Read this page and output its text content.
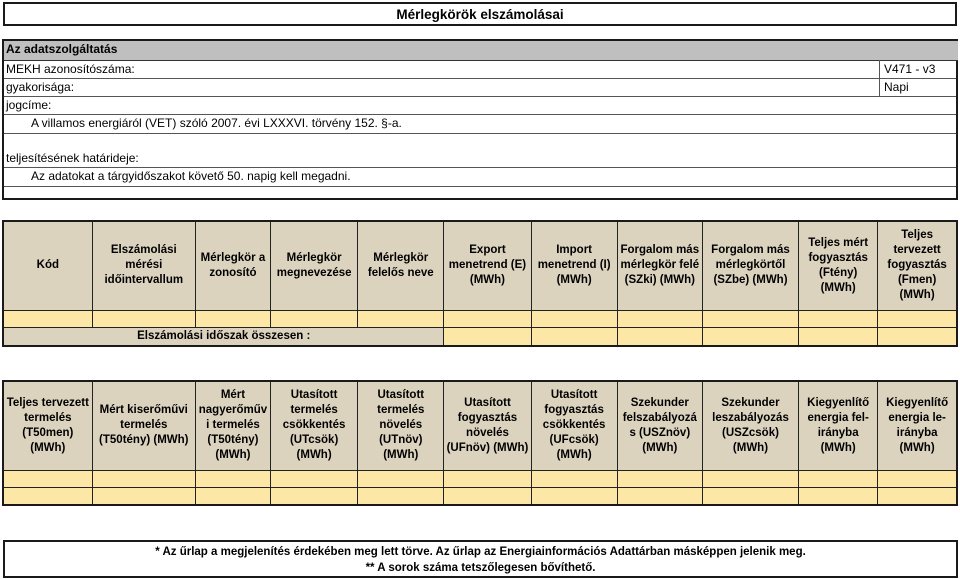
Mérlegkörök elszámolásai
Az adatszolgáltatás
MEKH azonosítószáma:	V471 - v3
gyakorisága:	Napi
jogcíme:
A villamos energiáról (VET) szóló 2007. évi LXXXVI. törvény 152. §-a.
teljesítésének határideje:
Az adatokat a tárgyidőszakot követő 50. napig kell megadni.
Kód	Elszámolási mérési időintervallum	Mérlegkör a zonosító	Mérlegkör megnevezése	Mérlegkör felelős neve	Export menetrend (E) (MWh)	Import menetrend (I) (MWh)	Forgalom más mérlegkör felé (SZki) (MWh)	Forgalom más mérlegkörtől (SZbe) (MWh)	Teljes mért fogyasztás (Ftény) (MWh)	Teljes tervezett fogyasztás (Fmen) (MWh)

Elszámolási időszak összesen :										
Teljes tervezett termelés (T50men) (MWh)	Mért kiserőművi termelés (T50tény) (MWh)	Mért nagyerőműv i termelés (T50tény) (MWh)	Utasított termelés csökkentés (UTcsök) (MWh)	Utasított termelés növelés (UTnöv) (MWh)	Utasított fogyasztás növelés (UFnöv) (MWh)	Utasított fogyasztás csökkentés (UFcsök) (MWh)	Szekunder felszabályozá s (USZnöv) (MWh)	Szekunder leszabályozás (USZcsök) (MWh)	Kiegyenlítő energia fel-irányba (MWh)	Kiegyenlítő energia le-irányba (MWh)

* Az űrlap a megjelenítés érdekében meg lett törve. Az űrlap az Energiainformációs Adattárban másképpen jelenik meg.
** A sorok száma tetszőlegesen bővíthető.
